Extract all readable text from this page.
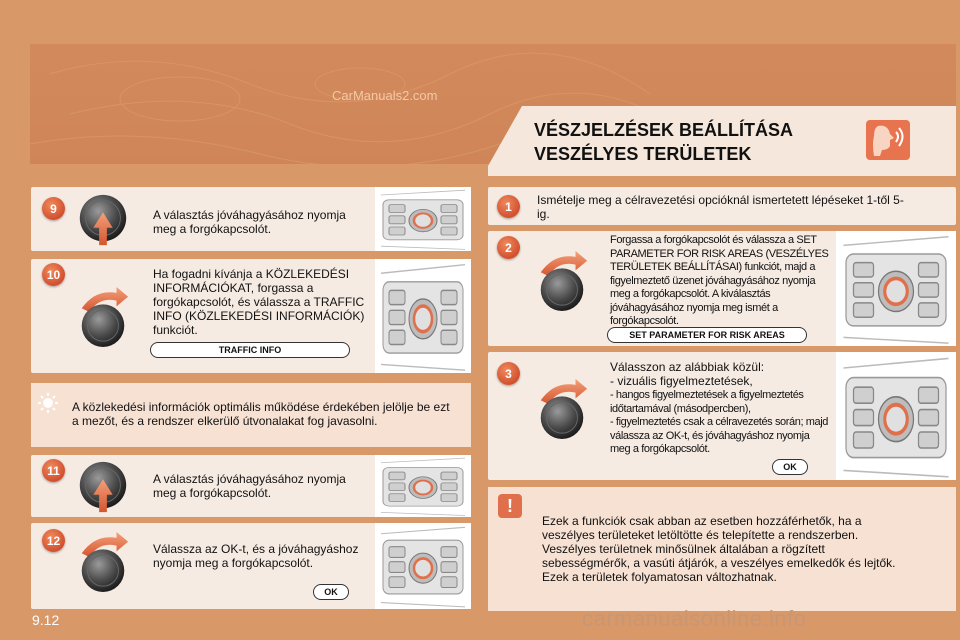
CarManuals2.com
VÉSZJELZÉSEK BEÁLLÍTÁSA
VESZÉLYES TERÜLETEK
9	A választás jóváhagyásához nyomja meg a forgókapcsolót.
10	Ha fogadni kívánja a KÖZLEKEDÉSI INFORMÁCIÓKAT, forgassa a forgókapcsolót, és válassza a TRAFFIC INFO (KÖZLEKEDÉSI INFORMÁCIÓK) funkciót.
TRAFFIC INFO
A közlekedési információk optimális működése érdekében jelölje be ezt a mezőt, és a rendszer elkerülő útvonalakat fog javasolni.
11
A választás jóváhagyásához nyomja meg a forgókapcsolót.
12
Válassza az OK-t, és a jóváhagyáshoz nyomja meg a forgókapcsolót.
OK
1	Ismételje meg a célravezetési opcióknál ismertetett lépéseket 1-től 5-ig.
2
Forgassa a forgókapcsolót és válassza a SET PARAMETER FOR RISK AREAS (VESZÉLYES TERÜLETEK BEÁLLÍTÁSAI) funkciót, majd a figyelmeztető üzenet jóváhagyásához nyomja meg a forgókapcsolót. A kiválasztás jóváhagyásához nyomja meg ismét a forgókapcsolót.
SET PARAMETER FOR RISK AREAS
3	Válasszon az alábbiak közül:
- vizuális figyelmeztetések,
- hangos figyelmeztetések a figyelmeztetés időtartamával (másodpercben),
- figyelmeztetés csak a célravezetés során; majd válassza az OK-t, és jóváhagyáshoz nyomja meg a forgókapcsolót.
OK
!
Ezek a funkciók csak abban az esetben hozzáférhetők, ha a veszélyes területeket letöltötte és telepítette a rendszerben. Veszélyes területnek minősülnek általában a rögzített sebességmérők, a vasúti átjárók, a veszélyes emelkedők és lejtők. Ezek a területek folyamatosan változhatnak.
9.12	carmanualsonline.info
